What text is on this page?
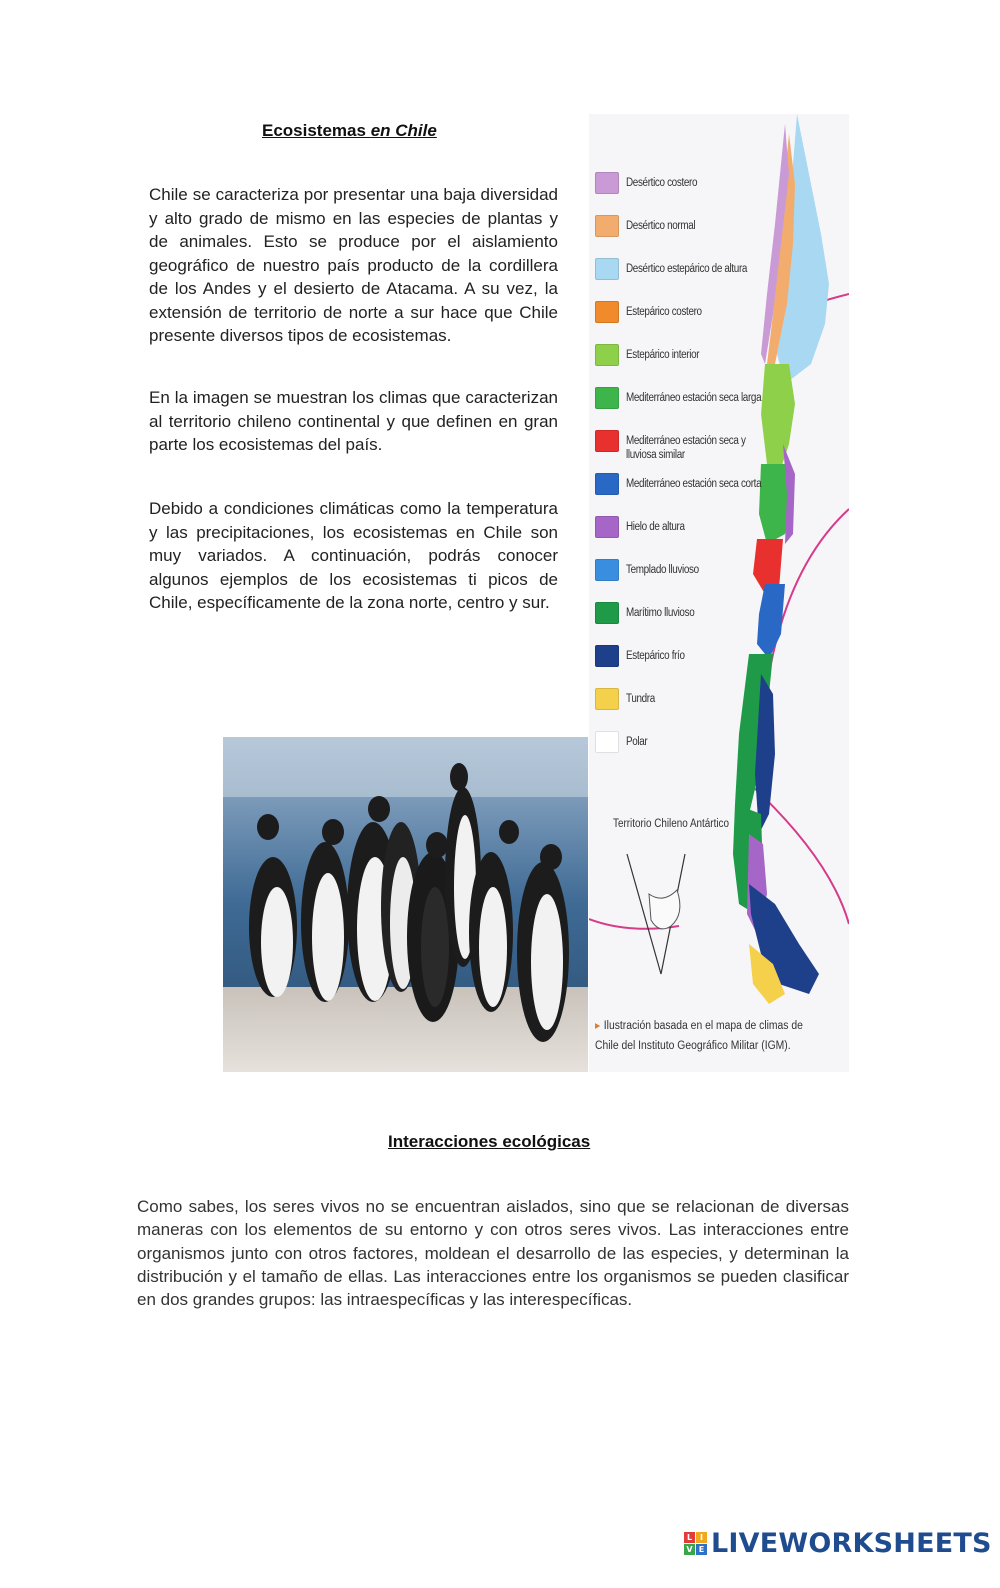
Ecosistemas en Chile

Chile se caracteriza por presentar una baja diversidad y alto grado de mismo en las especies de plantas y de animales. Esto se produce por el aislamiento geográfico de nuestro país producto de la cordillera de los Andes y el desierto de Atacama. A su vez, la extensión de territorio de norte a sur hace que Chile presente diversos tipos de ecosistemas.

En la imagen se muestran los climas que caracterizan al territorio chileno continental y que definen en gran parte los ecosistemas del país.

Debido a condiciones climáticas como la temperatura y las precipitaciones, los ecosistemas en Chile son muy variados. A continuación, podrás conocer algunos ejemplos de los ecosistemas ti picos de Chile, específicamente de la zona norte, centro y sur.

Desértico costero
Desértico normal
Desértico estepárico de altura
Estepárico costero
Estepárico interior
Mediterráneo estación seca larga
Mediterráneo estación seca y lluviosa similar
Mediterráneo estación seca corta
Hielo de altura
Templado lluvioso
Marítimo lluvioso
Estepárico frío
Tundra
Polar
Territorio Chileno Antártico
▸ Ilustración basada en el mapa de climas de Chile del Instituto Geográfico Militar (IGM).
Interacciones ecológicas

Como sabes, los seres vivos no se encuentran aislados, sino que se relacionan de diversas maneras con los elementos de su entorno y con otros seres vivos. Las interacciones entre organismos junto con otros factores, moldean el desarrollo de las especies, y determinan la distribución y el tamaño de ellas. Las interacciones entre los organismos se pueden clasificar en dos grandes grupos: las intraespecíficas y las interespecíficas.

L I
V E LIVEWORKSHEETS
